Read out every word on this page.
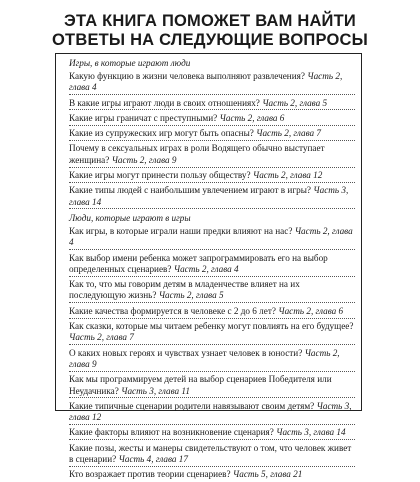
ЭТА КНИГА ПОМОЖЕТ ВАМ НАЙТИ
ОТВЕТЫ НА СЛЕДУЮЩИЕ ВОПРОСЫ
Игры, в которые играют люди
Какую функцию в жизни человека выполняют развлечения? Часть 2, глава 4
В какие игры играют люди в своих отношениях? Часть 2, глава 5
Какие игры граничат с преступными? Часть 2, глава 6
Какие из супружеских игр могут быть опасны? Часть 2, глава 7
Почему в сексуальных играх в роли Водящего обычно выступает женщина? Часть 2, глава 9
Какие игры могут принести пользу обществу? Часть 2, глава 12
Какие типы людей с наибольшим увлечением играют в игры? Часть 3, глава 14
Люди, которые играют в игры
Как игры, в которые играли наши предки влияют на нас? Часть 2, глава 4
Как выбор имени ребенка может запрограммировать его на выбор определенных сценариев? Часть 2, глава 4
Как то, что мы говорим детям в младенчестве влияет на их последующую жизнь? Часть 2, глава 5
Какие качества формируется в человеке с 2 до 6 лет? Часть 2, глава 6
Как сказки, которые мы читаем ребенку могут повлиять на его будущее? Часть 2, глава 7
О каких новых героях и чувствах узнает человек в юности? Часть 2, глава 9
Как мы программируем детей на выбор сценариев Победителя или Неудачника? Часть 3, глава 11
Какие типичные сценарии родители навязывают своим детям? Часть 3, глава 12
Какие факторы влияют на возникновение сценария? Часть 3, глава 14
Какие позы, жесты и манеры свидетельствуют о том, что человек живет в сценарии? Часть 4, глава 17
Кто возражает против теории сценариев? Часть 5, глава 21
